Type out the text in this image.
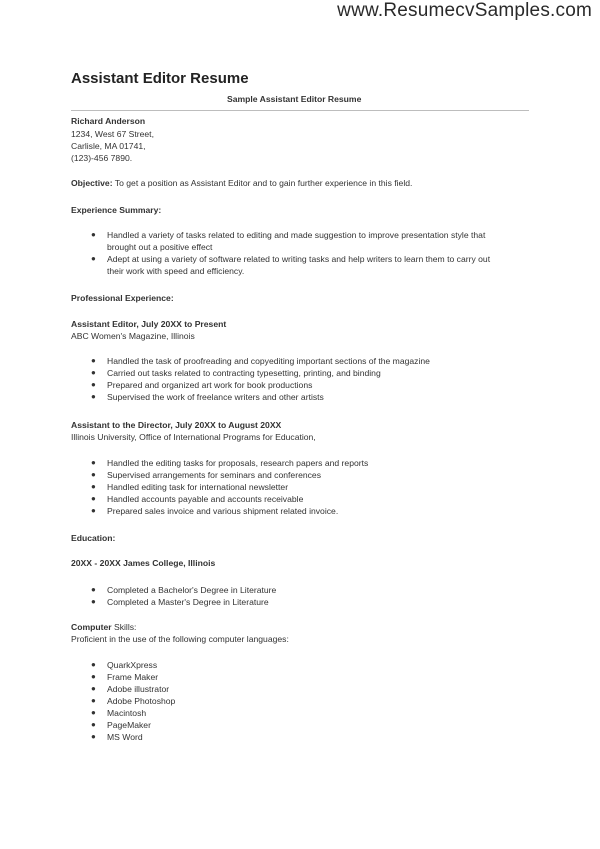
www.ResumecvSamples.com
Assistant Editor Resume
Sample Assistant Editor Resume
Richard Anderson
1234, West 67 Street,
Carlisle, MA 01741,
(123)-456 7890.
Objective: To get a position as Assistant Editor and to gain further experience in this field.
Experience Summary:
● Handled a variety of tasks related to editing and made suggestion to improve presentation style that
brought out a positive effect
● Adept at using a variety of software related to writing tasks and help writers to learn them to carry out
their work with speed and efficiency.
Professional Experience:
Assistant Editor, July 20XX to Present
ABC Women's Magazine, Illinois
● Handled the task of proofreading and copyediting important sections of the magazine
● Carried out tasks related to contracting typesetting, printing, and binding
● Prepared and organized art work for book productions
● Supervised the work of freelance writers and other artists
Assistant to the Director, July 20XX to August 20XX
Illinois University, Office of International Programs for Education,
● Handled the editing tasks for proposals, research papers and reports
● Supervised arrangements for seminars and conferences
● Handled editing task for international newsletter
● Handled accounts payable and accounts receivable
● Prepared sales invoice and various shipment related invoice.
Education:
20XX - 20XX James College, Illinois
● Completed a Bachelor's Degree in Literature
● Completed a Master's Degree in Literature
Computer Skills:
Proficient in the use of the following computer languages:
● QuarkXpress
● Frame Maker
● Adobe illustrator
● Adobe Photoshop
● Macintosh
● PageMaker
● MS Word
